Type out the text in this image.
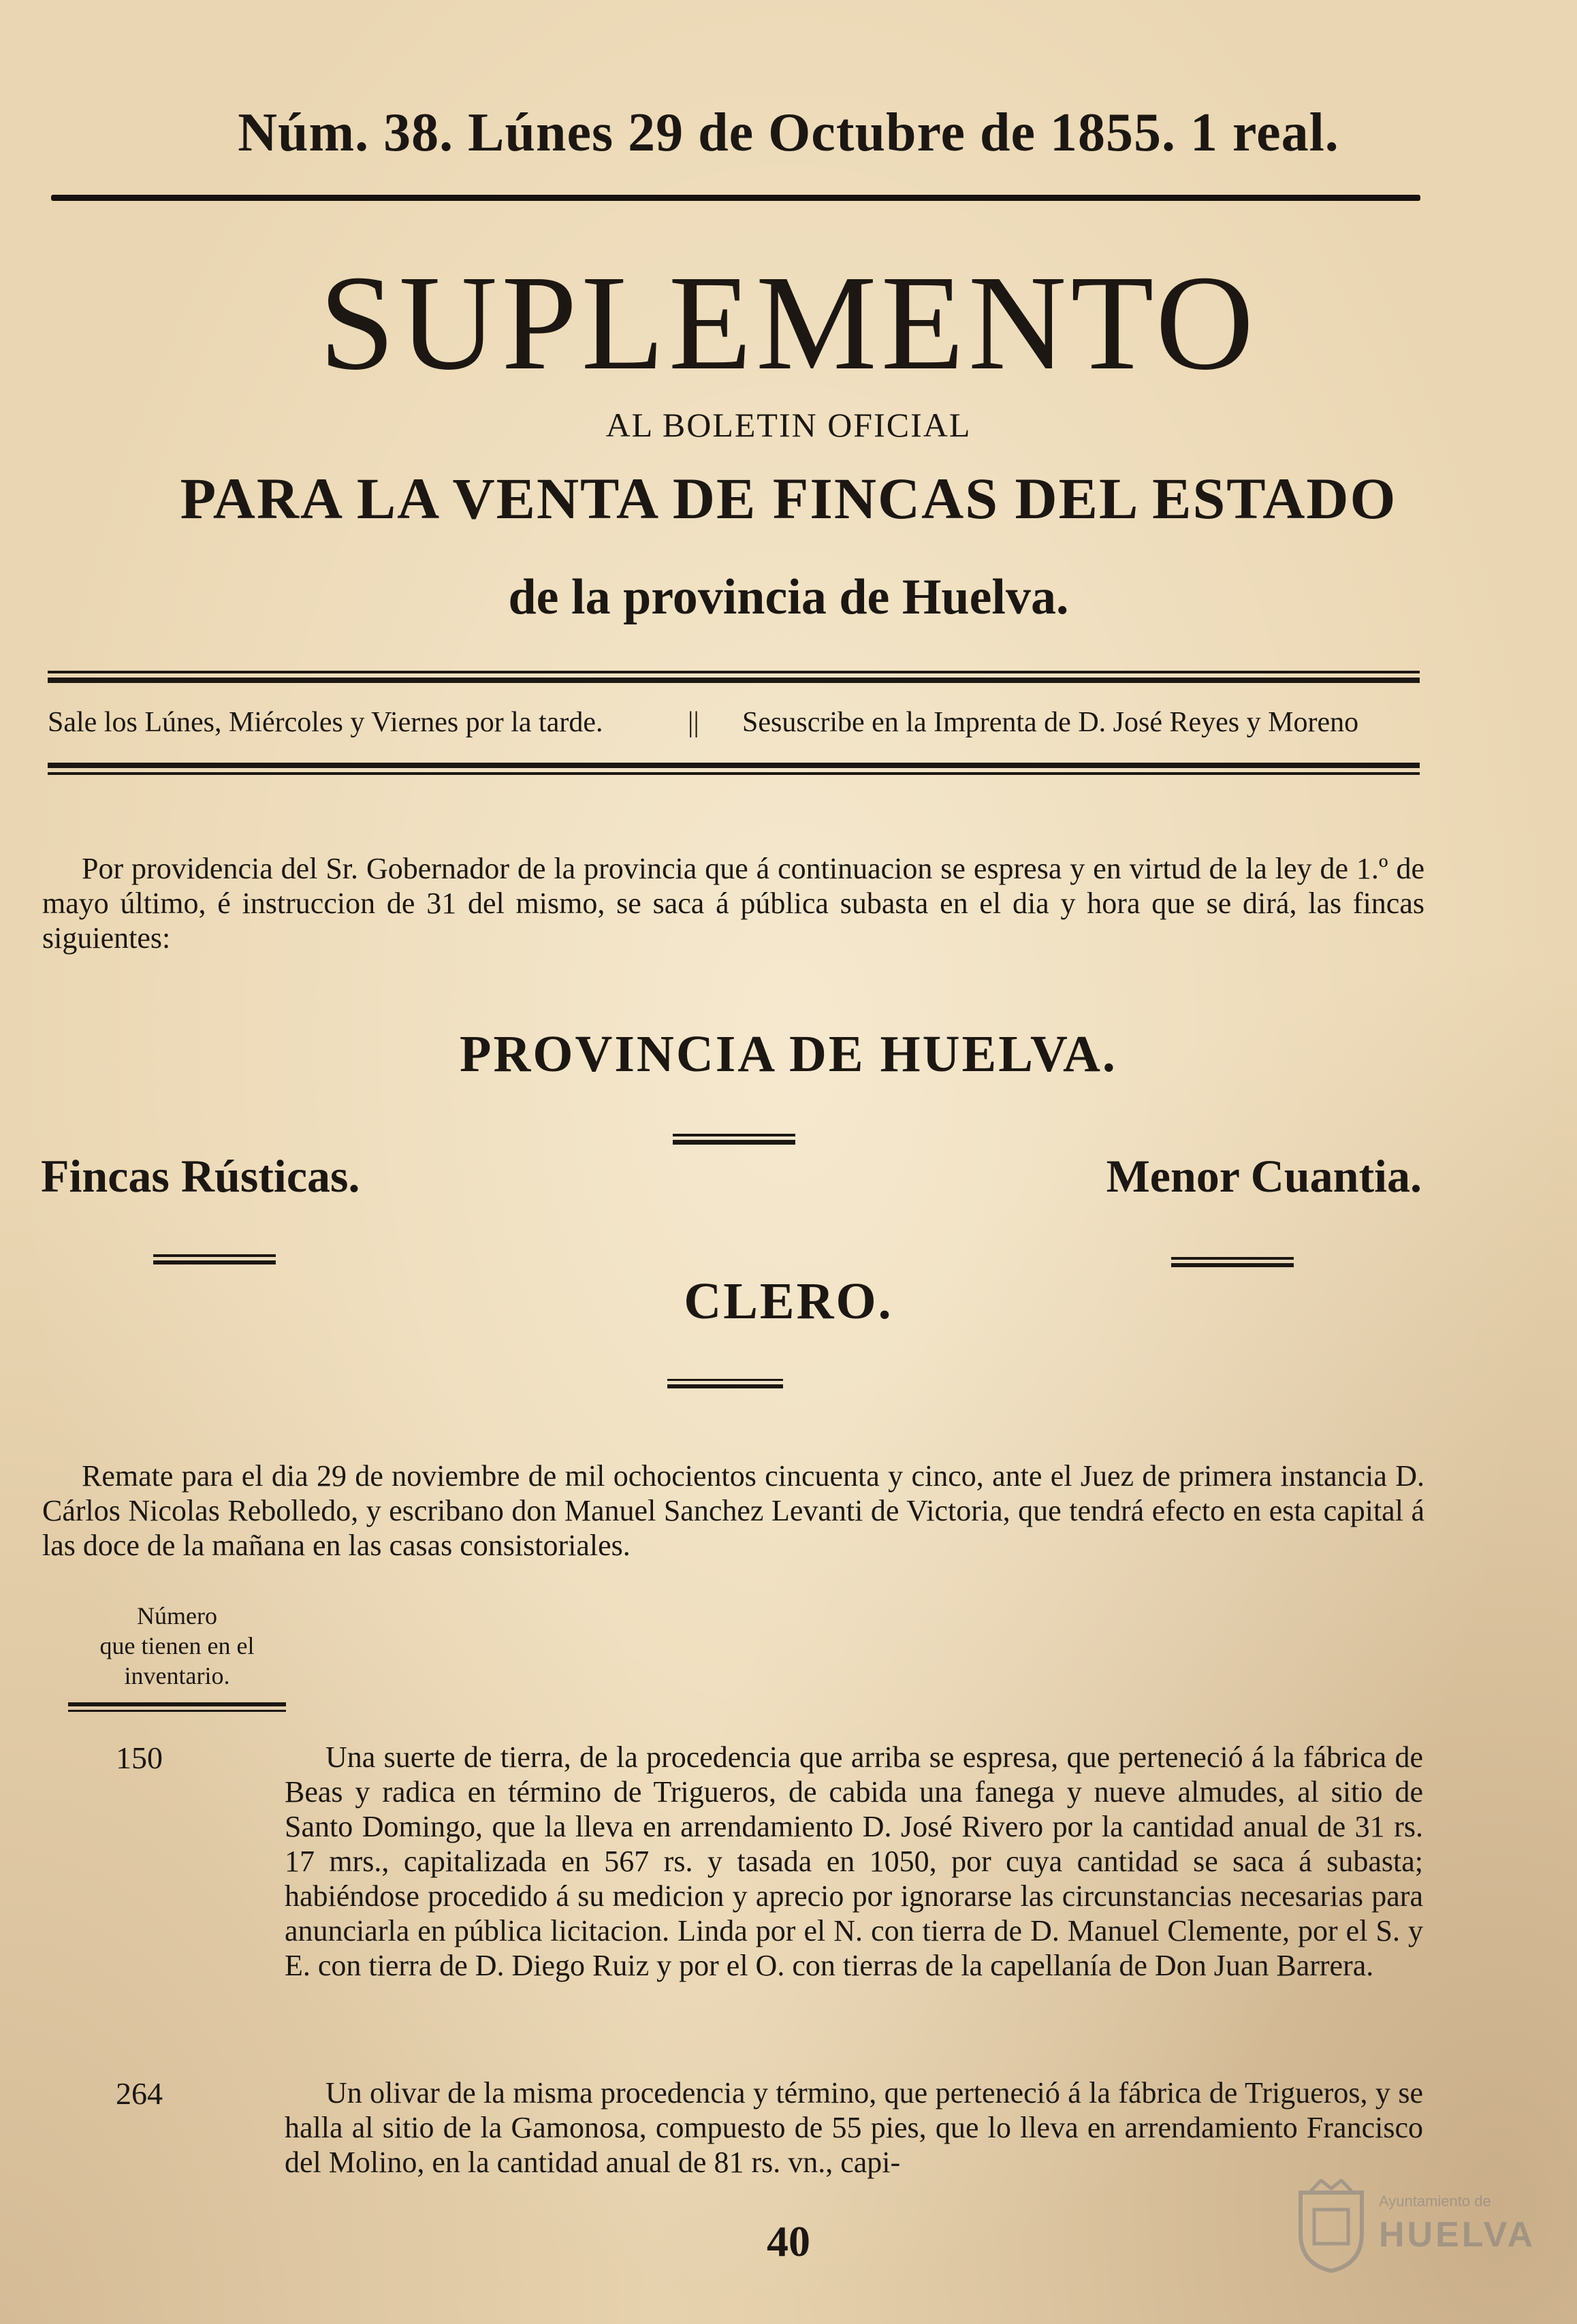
Núm. 38. Lúnes 29 de Octubre de 1855. 1 real.
SUPLEMENTO
AL BOLETIN OFICIAL
PARA LA VENTA DE FINCAS DEL ESTADO
de la provincia de Huelva.
Sale los Lúnes, Miércoles y Viernes por la tarde.	|| Sesuscribe en la Imprenta de D. José Reyes y Moreno
Por providencia del Sr. Gobernador de la provincia que á continuacion se espresa y en virtud de la ley de 1.º de mayo último, é instruccion de 31 del mismo, se saca á pública subasta en el dia y hora que se dirá, las fincas siguientes:
PROVINCIA DE HUELVA.
Fincas Rústicas.	Menor Cuantia.
CLERO.
Remate para el dia 29 de noviembre de mil ochocientos cincuenta y cinco, ante el Juez de primera instancia D. Cárlos Nicolas Rebolledo, y escribano don Manuel Sanchez Levanti de Victoria, que tendrá efecto en esta capital á las doce de la mañana en las casas consistoriales.
Número
que tienen en el
inventario.
150	Una suerte de tierra, de la procedencia que arriba se espresa, que perteneció á la fábrica de Beas y radica en término de Trigueros, de cabida una fanega y nueve almudes, al sitio de Santo Domingo, que la lleva en arrendamiento D. José Rivero por la cantidad anual de 31 rs. 17 mrs., capitalizada en 567 rs. y tasada en 1050, por cuya cantidad se saca á subasta; habiéndose procedido á su medicion y aprecio por ignorarse las circunstancias necesarias para anunciarla en pública licitacion. Linda por el N. con tierra de D. Manuel Clemente, por el S. y E. con tierra de D. Diego Ruiz y por el O. con tierras de la capellanía de Don Juan Barrera.
264	Un olivar de la misma procedencia y término, que perteneció á la fábrica de Trigueros, y se halla al sitio de la Gamonosa, compuesto de 55 pies, que lo lleva en arrendamiento Francisco del Molino, en la cantidad anual de 81 rs. vn., capi-
40
Ayuntamiento de
HUELVA
